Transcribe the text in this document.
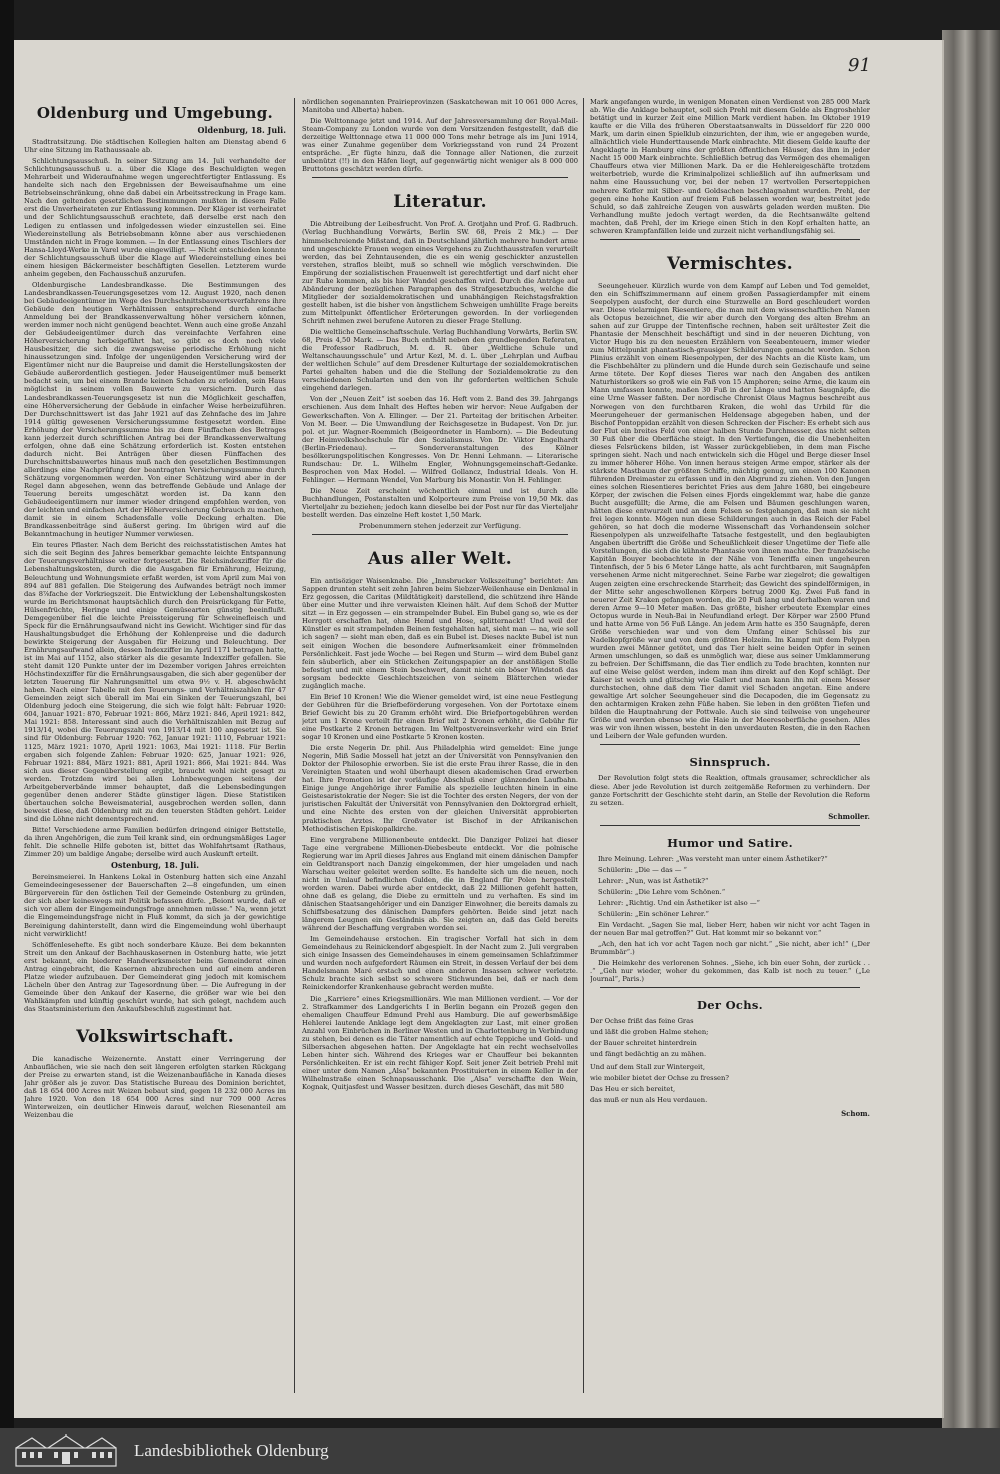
91
Oldenburg und Umgebung.
Oldenburg, 18. Juli.

Stadtratsitzung. Die städtischen Kollegien halten am Dienstag abend 6 Uhr eine Sitzung im Rathaussaale ab.

Schlichtungsausschuß. In seiner Sitzung am 14. Juli verhandelte der Schlichtungsausschuß u. a. über die Klage des Beschuldigten wegen Mehrarbeit und Wideraufnahme wegen ungerechtfertigter Entlassung. Es handelte sich nach den Ergebnissen der Beweisaufnahme um eine Betriebseinschränkung, ohne daß dabei ein Arbeitsstreckung in Frage kam. Nach den geltenden gesetzlichen Bestimmungen mußten in diesem Falle erst die Unverheirateten zur Entlassung kommen. Der Kläger ist verheiratet und der Schlichtungsausschuß erachtete, daß derselbe erst nach den Ledigen zu entlassen und infolgedessen wieder einzustellen sei. Eine Wiedereinstellung als Betriebsobmann könne aber aus verschiedenen Umständen nicht in Frage kommen. — In der Entlassung eines Tischlers der Hansa-Lloyd-Werke in Varel wurde eingewilligt. — Nicht entschieden konnte der Schlichtungsausschuß über die Klage auf Wiedereinstellung eines bei einem hiesigen Bäckermeister beschäftigten Gesellen. Letzterem wurde anheim gegeben, den Fachausschuß anzurufen.

Oldenburgische Landesbrandkasse. Die Bestimmungen des Landesbrandkassen-Teuerungsgesetzes vom 12. August 1920, nach denen bei Gebäudeeigentümer im Wege des Durchschnittsbauwertsverfahrens ihre Gebäude den heutigen Verhältnissen entsprechend durch einfache Anmeldung bei der Brandkassenverwaltung höher versichern können, werden immer noch nicht genügend beachtet. Wenn auch eine große Anzahl der Gebäudeeigentümer durch das vereinfachte Verfahren eine Höherversicherung herbeigeführt hat, so gibt es doch noch viele Hausbesitzer, die sich die zwangsweise periodische Erhöhung nicht hinaussetzungen sind. Infolge der ungenügenden Versicherung wird der Eigentümer nicht nur die Baupreise und damit die Herstellungskosten der Gebäude außerordentlich gestiegen. Jeder Hauseigentümer muß bemerkt bedacht sein, um bei einem Brande keinen Schaden zu erleiden, sein Haus möglichst in seinem vollen Bauwerte zu versichern. Durch das Landesbrandkassen-Teuerungsgesetz ist nun die Möglichkeit geschaffen, eine Höherversicherung der Gebäude in einfacher Weise herbeizuführen. Der Durchschnittswert ist das Jahr 1921 auf das Zehnfache des im Jahre 1914 gültig gewesenen Versicherungssumme festgesetzt worden. Eine Erhöhung der Versicherungssumme bis zu dem Fünffachen des Betrages kann jederzeit durch schriftlichen Antrag bei der Brandkassenverwaltung erfolgen, ohne daß eine Schätzung erforderlich ist. Kosten entstehen dadurch nicht. Bei Anträgen über diesen Fünffachen des Durchschnittsbauwertes hinaus muß nach den gesetzlichen Bestimmungen allerdings eine Nachprüfung der beantragten Versicherungssumme durch Schätzung vorgenommen werden. Von einer Schätzung wird aber in der Regel dann abgesehen, wenn das betreffende Gebäude und Anlage der Teuerung bereits umgeschätzt worden ist. Da kann den Gebäudeeigentümern nur immer wieder dringend empfohlen werden, von der leichten und einfachen Art der Höherversicherung Gebrauch zu machen, damit sie in einem Schadensfalle volle Deckung erhalten. Die Brandkassenbeiträge sind äußerst gering. Im übrigen wird auf die Bekanntmachung in heutiger Nummer verwiesen.

Ein teures Pflaster. Nach dem Bericht des reichsstatistischen Amtes hat sich die seit Beginn des Jahres bemerkbar gemachte leichte Entspannung der Teuerungsverhältnisse weiter fortgesetzt. Die Reichsindexziffer für die Lebenshaltungskosten, durch die die Ausgaben für Ernährung, Heizung, Beleuchtung und Wohnungsmiete erfaßt werden, ist vom April zum Mai von 894 auf 881 gefallen. Die Steigerung des Aufwandes beträgt noch immer das 8⅞fache der Vorkriegszeit. Die Entwicklung der Lebenshaltungskosten wurde im Berichtsmonat hauptsächlich durch den Preisrückgang für Fette, Hülsenfrüchte, Heringe und einige Gemüsearten günstig beeinflußt. Demgegenüber fiel die leichte Preissteigerung für Schweinefleisch und Speck für die Ernährungsaufwand nicht ins Gewicht. Wichtiger sind für das Haushaltungsbudget die Erhöhung der Kohlenpreise und die dadurch bewirkte Steigerung der Ausgaben für Heizung und Beleuchtung. Der Ernährungsaufwand allein, dessen Indexziffer im April 1171 betragen hatte, ist im Mai auf 1152, also stärker als die gesamte Indexziffer gefallen. Sie steht damit 120 Punkte unter der im Dezember vorigen Jahres erreichten Höchstindexziffer für die Ernährungsausgaben, die sich aber gegenüber der letzten Teuerung für Nahrungsmittel um etwa 9½ v. H. abgeschwächt haben. Nach einer Tabelle mit den Teuerungs- und Verhältniszahlen für 47 Gemeinden zeigt sich überall im Mai ein Sinken der Teuerungszahl, bei Oldenburg jedoch eine Steigerung, die sich wie folgt hält: Februar 1920: 604, Januar 1921: 870, Februar 1921: 866, März 1921: 846, April 1921: 842, Mai 1921: 858. Interessant sind auch die Verhältniszahlen mit Bezug auf 1913/14, wobei die Teuerungszahl von 1913/14 mit 100 angesetzt ist. Sie sind für Oldenburg: Februar 1920: 762, Januar 1921: 1110, Februar 1921: 1125, März 1921: 1070, April 1921: 1063, Mai 1921: 1118. Für Berlin ergaben sich folgende Zahlen: Februar 1920: 625, Januar 1921: 926, Februar 1921: 884, März 1921: 881, April 1921: 866, Mai 1921: 844. Was sich aus dieser Gegenüberstellung ergibt, braucht wohl nicht gesagt zu werden. Trotzdem wird bei allen Lohnbewegungen seitens der Arbeitgeberverbände immer behauptet, daß die Lebensbedingungen gegenüber denen anderer Städte günstiger lägen. Diese Statistiken übertauchen solche Beweismaterial, ausgebrochen werden sollen, dann beweist diese, daß Oldenburg mit zu den teuersten Städten gehört. Leider sind die Löhne nicht dementsprechend.

Bitte! Verschiedene arme Familien bedürfen dringend einiger Bettstelle, da ihren Angehörigen, die zum Teil krank sind, ein ordnungsmäßiges Lager fehlt. Die schnelle Hilfe geboten ist, bittet das Wohlfahrtsamt (Rathaus, Zimmer 20) um baldige Angabe; derselbe wird auch Auskunft erteilt.

Ostenburg, 18. Juli.

Bereinsmeierei. In Hankens Lokal in Ostenburg hatten sich eine Anzahl Gemeindeeingesessener der Bauerschaften 2—8 eingefunden, um einen Bürgerverein für den östlichen Teil der Gemeinde Ostenburg zu gründen, der sich aber keineswegs mit Politik befassen dürfe. „Beiont wurde, daß er sich vor allem der Eingemeindungsfrage annehmen müsse.“ Na, wenn jetzt die Eingemeindungsfrage nicht in Fluß kommt, da sich ja der gewichtige Bereinigung dahinterstellt, dann wird die Eingemeindung wohl überhaupt nicht verwirklicht!

Schöffenlesehefte. Es gibt noch sonderbare Käuze. Bei dem bekannten Streit um den Ankauf der Bachhauskasernen in Ostenburg hatte, wie jetzt erst bekannt, ein biederer Handwerksmeister beim Gemeinderat einen Antrag eingebracht, die Kasernen abzubrechen und auf einem anderen Platze wieder aufzubauen. Der Gemeinderat ging jedoch mit komischem Lächeln über den Antrag zur Tagesordnung über. — Die Aufregung in der Gemeinde über den Ankauf der Kaserne, die größer war wie bei den Wahlkämpfen und künftig geschürt wurde, hat sich gelegt, nachdem auch das Staatsministerium den Ankaufsbeschluß zugestimmt hat.

Volkswirtschaft.

Die kanadische Weizenernte. Anstatt einer Verringerung der Anbauflächen, wie sie nach den seit längeren erfolgten starken Rückgang der Preise zu erwarten stand, ist die Weizenanbaufläche in Kanada dieses Jahr größer als je zuvor. Das Statistische Bureau des Dominion berichtet, daß 18 654 000 Acres mit Weizen bebaut sind, gegen 18 232 000 Acres im Jahre 1920. Von den 18 654 000 Acres sind nur 709 000 Acres Winterweizen, ein deutlicher Hinweis darauf, welchen Riesenanteil am Weizenbau die

nördlichen sogenannten Prairieprovinzen (Saskatchewan mit 10 061 000 Acres, Manitoba und Alberta) haben.

Die Welttonnage jetzt und 1914. Auf der Jahresversammlung der Royal-Mail-Steam-Company zu London wurde von dem Vorsitzenden festgestellt, daß die derzeitige Welttonnage etwa 11 000 000 Tons mehr betrage als im Juni 1914, was einer Zunahme gegenüber dem Vorkriegsstand von rund 24 Prozent entspräche. „Er fügte hinzu, daß die Tonnage aller Nationen, die zurzeit unbenützt (!!) in den Häfen liegt, auf gegenwärtig nicht weniger als 8 000 000 Bruttotons geschätzt werden dürfe.

Literatur.

Die Abtreibung der Leibesfrucht. Von Prof. A. Grotjahn und Prof. G. Radbruch. (Verlag Buchhandlung Vorwärts, Berlin SW. 68, Preis 2 Mk.) — Der himmelschreiende Mißstand, daß in Deutschland jährlich mehrere hundert arme und ungeschickte Frauen wegen eines Vergehens zu Zuchthausstrafen verurteilt werden, das bei Zehntausenden, die es ein wenig geschickter anzustellen verstehen, straflos bleibt, muß so schnell wie möglich verschwinden. Die Empörung der sozialistischen Frauenwelt ist gerechtfertigt und darf nicht eher zur Ruhe kommen, als bis hier Wandel geschaffen wird. Durch die Anträge auf Abänderung der bezüglichen Paragraphen des Strafgesetzbuches, welche die Mitglieder der sozialdemokratischen und unabhängigen Reichstagsfraktion gestellt haben, ist die bisher von ängstlichem Schweigen umhüllte Frage bereits zum Mittelpunkt öffentlicher Erörterungen geworden. In der vorliegenden Schrift nehmen zwei berufene Autoren zu dieser Frage Stellung.

Die weltliche Gemeinschaftsschule. Verlag Buchhandlung Vorwärts, Berlin SW. 68, Preis 4,50 Mark. — Das Buch enthält neben den grundlegenden Referaten, die Professor Radbruch, M. d. R. über „Weltliche Schule und Weltanschauungsschule“ und Artur Kezl, M. d. L. über „Lehrplan und Aufbau der weltlichen Schule“ auf dem Dresdener Kulturtage der sozialdemokratischen Partei gehalten haben und die die Stellung der Sozialdemokratie zu den verschiedenen Schularten und den von ihr geforderten weltlichen Schule eingehend darlegen.

Von der „Neuen Zeit“ ist soeben das 16. Heft vom 2. Band des 39. Jahrgangs erschienen. Aus dem Inhalt des Heftes heben wir hervor: Neue Aufgaben der Gewerkschaften. Von A. Ellinger. — Der 21. Parteitag der britischen Arbeiter. Von M. Beer. — Die Umwandlung der Reichsgesetze in Budapest. Von Dr. jur. pol. et jur. Wagner-Roemmich (Beigeordneter in Hamborn). — Die Bedeutung der Heimvolkshochschule für den Sozialismus. Von Dr. Viktor Engelhardt (Berlin-Friedenau). — Sonderveranstaltungen des Kölner besölkerungspolitischen Kongresses. Von Dr. Henni Lehmann. — Literarische Rundschau: Dr. L. Wilhelm Engler, Wohnungsgemeinschaft-Gedanke. Besprochen von Max Hodel. — Wilfred Gollancz, Industrial Ideals. Von H. Fehlinger. — Hermann Wendel, Von Marburg bis Monastir. Von H. Fehlinger.

Die Neue Zeit erscheint wöchentlich einmal und ist durch alle Buchhandlungen, Postanstalten und Kolporteure zum Preise von 19,50 Mk. das Vierteljahr zu beziehen; jedoch kann dieselbe bei der Post nur für das Vierteljahr bestellt werden. Das einzelne Heft kostet 1,50 Mark.

Probenummern stehen jederzeit zur Verfügung.

Aus aller Welt.

Ein antisöziger Waisenknabe. Die „Innsbrucker Volkszeitung“ berichtet: Am Sappen drunten steht seit zehn Jahren beim Siebzer-Weilenhause ein Denkmal in Erz gegossen, die Caritas (Mildtätigkeit) darstellend, die schützend ihre Hände über eine Mutter und ihre verwaisten Kleinen hält. Auf dem Schoß der Mutter sitzt — in Erz gegossen — ein strampelnder Bubel. Ein Bubel gang so, wie es der Herrgott erschaffen hat, ohne Hemd und Hose, splitternackt! Und weil der Künstler es mit strampelnden Beinen festgehalten hat, sieht man — na, wie soll ich sagen? — sieht man eben, daß es ein Bubel ist. Dieses nackte Bubel ist nun seit einigen Wochen die besondere Aufmerksamkeit einer frömmelnden Persönlichkeit. Fast jede Woche — bei Regen und Sturm — wird dem Bubel ganz fein säuberlich, aber ein Stückchen Zeitungspapier an der anstößigen Stelle befestigt und mit einem Stein beschwert, damit nicht ein böser Windstoß das sorgsam bedeckte Geschlechtszeichen von seinem Blätterchen wieder zugänglich mache.

Ein Brief 10 Kronen! Wie die Wiener gemeldet wird, ist eine neue Festlegung der Gebühren für die Briefbeförderung vorgesehen. Von der Portotaxe einem Brief Gewicht bis zu 20 Gramm erhöht wird. Die Briefportogebühren werden jetzt um 1 Krone verteilt für einen Brief mit 2 Kronen erhöht, die Gebühr für eine Postkarte 2 Kronen betragen. Im Weltpostvereinsverkehr wird ein Brief sogar 10 Kronen und eine Postkarte 5 Kronen kosten.

Die erste Negerin Dr. phil. Aus Philadelphia wird gemeldet: Eine junge Negerin, Miß Sadie Mossell hat jetzt an der Universität von Pennsylvanien den Doktor der Philosophie erworben. Sie ist die erste Frau ihrer Rasse, die in den Vereinigten Staaten und wohl überhaupt diesen akademischen Grad erwerben hat. Ihre Promotion ist der vorläufige Abschluß einer glänzenden Laufbahn. Einige junge Angehörige ihrer Familie als spezielle leuchten hinein in eine Geistesaristokratie der Neger: Sie ist die Tochter des ersten Negers, der von der juristischen Fakultät der Universität von Pennsylvanien den Doktorgrad erhielt, und eine Nichte des ersten von der gleichen Universität approbierten praktischen Arztes. Ihr Großvater ist Bischof in der Afrikanischen Methodistischen Episkopalkirche.

Eine vergrabene Millionenbeute entdeckt. Die Danziger Polizei hat dieser Tage eine vergrabene Millionen-Diebesbeute entdeckt. Vor die polnische Regierung war im April dieses Jahres aus England mit einem dänischen Dampfer ein Geldtransport nach Danzig eingekommen, der hier umgeladen und nach Warschau weiter geleitet werden sollte. Es handelte sich um die neuen, noch nicht in Umlauf befindlichen Gulden, die in England für Polen hergestellt worden waren. Dabei wurde aber entdeckt, daß 22 Millionen gefehlt hatten, ohne daß es gelang, die Diebe zu ermitteln und zu verhaften. Es sind im dänischen Staatsangehöriger und ein Danziger Einwohner, die bereits damals zu Schiffsbesatzung des dänischen Dampfers gehörten. Beide sind jetzt nach längerem Leugnen ein Geständnis ab. Sie zeigten an, daß das Geld bereits während der Beschaffung vergraben worden sei.

Im Gemeindehause erstochen. Ein tragischer Vorfall hat sich in dem Gemeindehaus zu Reinickendorf abgespielt. In der Nacht zum 2. Juli vergraben sich einige Insassen des Gemeindehauses in einem gemeinsamen Schlafzimmer und wurden noch aufgefordert Räumen ein Streit, in dessen Verlauf der bei dem Handelsmann Maré erstach und einen anderen Insassen schwer verletzte. Schulz brachte sich selbst so schwere Stichwunden bei, daß er nach dem Reinickendorfer Krankenhause gebracht werden mußte.

Die „Karriere“ eines Kriegsmillionärs. Wie man Millionen verdient. — Vor der 2. Strafkammer des Landgerichts I in Berlin begann ein Prozeß gegen den ehemaligen Chauffeur Edmund Prehl aus Hamburg. Die auf gewerbsmäßige Hehlerei lautende Anklage legt dem Angeklagten zur Last, mit einer großen Anzahl von Einbrüchen in Berliner Westen und in Charlottenburg in Verbindung zu stehen, bei denen es die Täter namentlich auf echte Teppiche und Gold- und Silbersachen abgesehen hatten. Der Angeklagte hat ein recht wechselvolles Leben hinter sich. Während des Krieges war er Chauffeur bei bekannten Persönlichkeiten. Er ist ein recht fähiger Kopf. Seit jener Zeit betrieb Prehl mit einer unter dem Namen „Alsa“ bekannten Prostituierten in einem Keller in der Wilhelmstraße einen Schnapsausschank. Die „Alsa“ verschaffte den Wein, Kognak, Quitjasfest und Wasser besitzen. durch dieses Geschäft, das mit 580

Mark angefangen wurde, in wenigen Monaten einen Verdienst von 285 000 Mark ab. Wie die Anklage behauptet, soll sich Prehl mit diesem Gelde als Engroshehler betätigt und in kurzer Zeit eine Million Mark verdient haben. Im Oktober 1919 kaufte er die Villa des früheren Oberstaatsanwalts in Düsseldorf für 220 000 Mark, um darin einen Spielklub einzurichten, der ihm, wie er angegeben wurde, allnächtlich viele Hunderttausende Mark einbrachte. Mit diesem Gelde kaufte der Angeklagte in Hamburg eins der größten öffentlichen Häuser, das ihm in jeder Nacht 15 000 Mark einbrachte. Schließlich betrug das Vermögen des ehemaligen Chauffeurs etwa vier Millionen Mark. Da er die Hehlereigeschäfte trotzdem weiterbetrieb, wurde die Kriminalpolizei schließlich auf ihn aufmerksam und nahm eine Haussuchung vor, bei der neben 17 wertvollen Perserteppichen mehrere Koffer mit Silber- und Goldsachen beschlagnahmt wurden. Prehl, der gegen eine hohe Kaution auf freiem Fuß belassen worden war, bestreitet jede Schuld, so daß zahlreiche Zeugen von auswärts geladen werden mußten. Die Verhandlung mußte jedoch vertagt werden, da die Rechtsanwälte geltend machten, daß Prehl, der im Kriege einen Stich in den Kopf erhalten hatte, an schweren Krampfanfällen leide und zurzeit nicht verhandlungsfähig sei.

Vermischtes.

Seeungeheuer. Kürzlich wurde von dem Kampf auf Leben und Tod gemeldet, den ein Schiffszimmermann auf einem großen Passagierdampfer mit einem Seepolypen ausfocht, der durch eine Sturzwelle an Bord geschleudert worden war. Diese vielarmigen Riesentiere, die man mit dem wissenschaftlichen Namen als Octopus bezeichnet, die wir aber durch den Vorgang des alten Brehm an sahen auf zur Gruppe der Tintenfische rechnen, haben seit urältester Zeit die Phantasie der Menschheit beschäftigt und sind in der neueren Dichtung, von Victor Hugo bis zu den neuesten Erzählern von Seeabenteuern, immer wieder zum Mittelpunkt phantastisch-grausiger Schilderungen gemacht worden. Schon Plinius erzählt von einem Riesenpolypen, der des Nachts an die Küste kam, um die Fischbehälter zu plündern und die Hunde durch sein Gezischaufe und seine Arme tötete. Der Kopf dieses Tieres war nach den Angaben des antiken Naturhistorikers so groß wie ein Faß von 15 Amphoren; seine Arme, die kaum ein Mann umfassen konnte, maßen 30 Fuß in der Länge und hatten Saugnäpfe, die eine Urne Wasser faßten. Der nordische Chronist Olaus Magnus beschreibt aus Norwegen von den furchtbaren Kraken, die wohl das Urbild für die Meerungeheuer der germanischen Heldensage abgegeben haben, und der Bischof Pontoppidan erzählt von diesen Schrecken der Fischer: Es erhebt sich aus der Flut ein breites Feld von einer halben Stunde Durchmesser, das nicht selten 30 Fuß über die Oberfläche steigt. In den Vertiefungen, die die Unebenheiten dieses Felsrückens bilden, ist Wasser zurückgeblieben, in dem man Fische springen sieht. Nach und nach entwickeln sich die Hügel und Berge dieser Insel zu immer höherer Höhe. Von innen heraus steigen Arme empor, stärker als der stärkste Mastbaum der größten Schiffe, mächtig genug, um einen 100 Kanonen führenden Dreimaster zu erfassen und in den Abgrund zu ziehen. Von den Jungen eines solchen Riesentieres berichtet Fries aus dem Jahre 1680, bei eingebeure Körper, der zwischen die Felsen eines Fjords eingeklemmt war, habe die ganze Bucht ausgefüllt; die Arme, die am Felsen und Bäumen geschlungen waren, hätten diese entwurzelt und an dem Felsen so festgehangen, daß man sie nicht frei legen konnte. Mögen nun diese Schilderungen auch in das Reich der Fabel gehören, so hat doch die moderne Wissenschaft das Vorhandensein solcher Riesenpolypen als unzweifelhafte Tatsache festgestellt, und den beglaubigten Angaben übertrifft die Größe und Scheußlichkeit dieser Ungetüme der Tiefe alle Vorstellungen, die sich die kühnste Phantasie von ihnen machte. Der französische Kapitän Bouyer beobachtete in der Nähe von Teneriffa einen ungeheuren Tintenfisch, der 5 bis 6 Meter Länge hatte, als acht furchtbaren, mit Saugnäpfen versehenen Arme nicht mitgerechnet. Seine Farbe war ziegelrot; die gewaltigen Augen zeigten eine erschreckende Starrheit; das Gewicht des spindelförmigen, in der Mitte sehr angeschwollenen Körpers betrug 2000 Kg. Zwei Fuß fand in neuerer Zeit Kraken gefangen worden, die 20 Fuß lang und derhalben waren und deren Arme 9—10 Meter maßen. Das größte, bisher erbeutete Exemplar eines Octopus wurde in Neuh-Bai in Neufundland erlegt. Der Körper war 2500 Pfund und hatte Arme von 56 Fuß Länge. An jedem Arm hatte es 350 Saugnäpfe, deren Größe verschieden war und von dem Umfang einer Schüssel bis zur Nadelkopfgröße war und von dem größten Holzeim. Im Kampf mit dem Polypen wurden zwei Männer getötet, und das Tier hielt seine beiden Opfer in seinen Armen umschlungen, so daß es unmöglich war, diese aus seiner Umklammerung zu befreien. Der Schiffsmann, die das Tier endlich zu Tode brachten, konnten nur auf eine Weise gelöst werden, indem man ihm direkt auf den Kopf schlägt. Der Kaiser ist weich und glitschig wie Gallert und man kann ihn mit einem Messer durchstechen, ohne daß dem Tier damit viel Schaden angetan. Eine andere gewaltige Art solcher Seeungeheuer sind die Decapoden, die im Gegensatz zu den achtarmigen Kraken zehn Füße haben. Sie leben in den größten Tiefen und bilden die Hauptnahrung der Pottwale. Auch sie sind teilweise von ungeheurer Größe und werden ebenso wie die Haie in der Meeresoberfläche gesehen. Alles was wir von ihnen wissen, besteht in den unverdauten Resten, die in den Rachen und Leibern der Wale gefunden wurden.

Sinnspruch.

Der Revolution folgt stets die Reaktion, oftmals grausamer, schrecklicher als diese. Aber jede Revolution ist durch zeitgemäße Reformen zu verhindern. Der ganze Fortschritt der Geschichte steht darin, an Stelle der Revolution die Reform zu setzen.

Schmoller.
Humor und Satire.

Ihre Meinung. Lehrer: „Was versteht man unter einem Ästhetiker?“

Schülerin: „Die — das — “

Lehrer: „Nun, was ist Ästhetik?“

Schülerin: „Die Lehre vom Schönen.“

Lehrer: „Richtig. Und ein Ästhetiker ist also —“

Schülerin: „Ein schöner Lehrer.“

Ein Verdacht. „Sagen Sie mal, lieber Herr, haben wir nicht vor acht Tagen in der neuen Bar mal getroffen?“ Gut. Hat kommt mir so bekannt vor.“

„Ach, den hat ich vor acht Tagen noch gar nicht.“ „Sie nicht, aber ich!“ („Der Brummbär“.)

Die Heimkehr des verlorenen Sohnes. „Siehe, ich bin euer Sohn, der zurück . . .“ „Geh nur wieder, woher du gekommen, das Kalb ist noch zu teuer.“ („Le Journal“, Paris.)

Der Ochs.

Der Ochse frißt das feine Gras

und läßt die groben Halme stehen;

der Bauer schreitet hinterdrein

und fängt bedächtig an zu mähen.

Und auf dem Stall zur Wintergeit,

wie mobiler bietet der Ochse zu fressen?

Das Heu er sich bereitet,

das muß er nun als Heu verdauen.

Schom.
Landesbibliothek Oldenburg
